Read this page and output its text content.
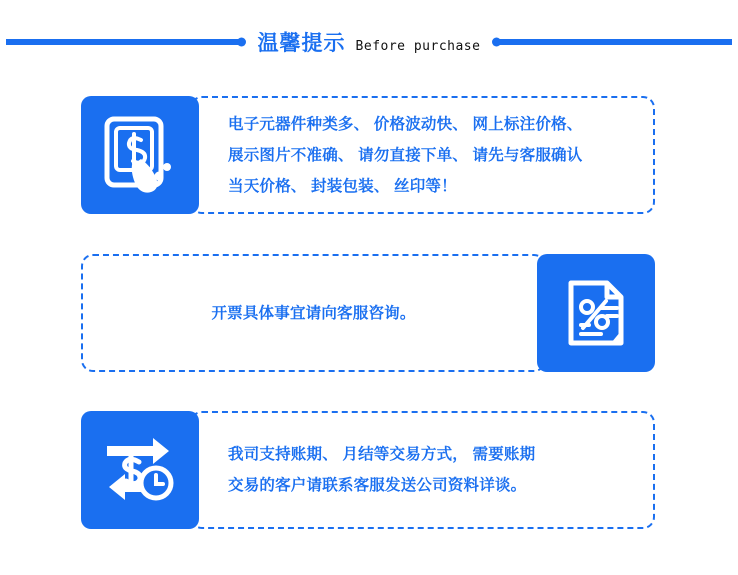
温馨提示 Before purchase

电子元器件种类多、 价格波动快、 网上标注价格、
展示图片不准确、 请勿直接下单、 请先与客服确认
当天价格、 封装包装、 丝印等！

开票具体事宜请向客服咨询。

我司支持账期、 月结等交易方式， 需要账期
交易的客户请联系客服发送公司资料详谈。
